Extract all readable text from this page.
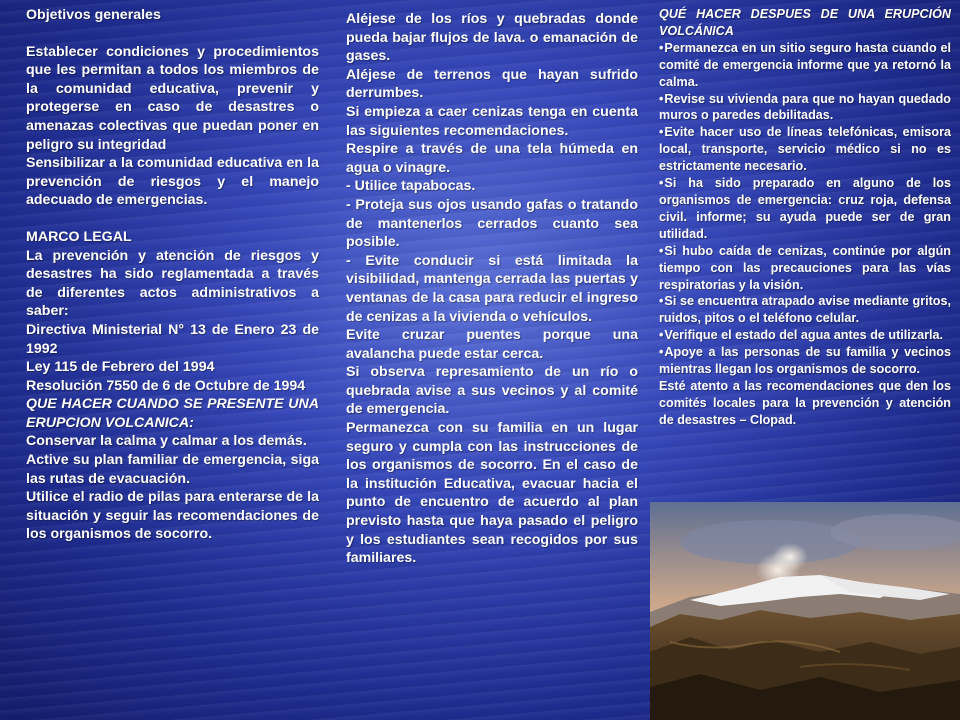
Objetivos generales

Establecer condiciones y procedimientos que les permitan a todos los miembros de la comunidad educativa, prevenir y protegerse en caso de desastres o amenazas colectivas que puedan poner en peligro su integridad

Sensibilizar a la comunidad educativa en la prevención de riesgos y el manejo adecuado de emergencias.

MARCO LEGAL

La prevención y atención de riesgos y desastres ha sido reglamentada a través de diferentes actos administrativos a saber:

Directiva Ministerial N° 13 de Enero 23 de 1992

Ley 115 de Febrero del 1994

Resolución 7550 de 6 de Octubre de 1994

QUE HACER CUANDO SE PRESENTE UNA ERUPCION VOLCANICA:

Conservar la calma y calmar a los demás.

Active su plan familiar de emergencia, siga las rutas de evacuación.

Utilice el radio de pilas para enterarse de la situación y seguir las recomendaciones de los organismos de socorro.

Aléjese de los ríos y quebradas donde pueda bajar flujos de lava. o emanación de gases.

Aléjese de terrenos que hayan sufrido derrumbes.

Si empieza a caer cenizas tenga en cuenta las siguientes recomendaciones.

Respire a través de una tela húmeda en agua o vinagre.

- Utilice tapabocas.

- Proteja sus ojos usando gafas o tratando de mantenerlos cerrados cuanto sea posible.

- Evite conducir si está limitada la visibilidad, mantenga cerrada las puertas y ventanas de la casa para reducir el ingreso de cenizas a la vivienda o vehículos.

Evite cruzar puentes porque una avalancha puede estar cerca.

Si observa represamiento de un río o quebrada avise a sus vecinos y al comité de emergencia.

Permanezca con su familia en un lugar seguro y cumpla con las instrucciones de los organismos de socorro. En el caso de la institución Educativa, evacuar hacia el punto de encuentro de acuerdo al plan previsto hasta que haya pasado el peligro y los estudiantes sean recogidos por sus familiares.

QUÉ HACER DESPUES DE UNA ERUPCIÓN VOLCÁNICA

• Permanezca en un sitio seguro hasta cuando el comité de emergencia informe que ya retornó la calma.

• Revise su vivienda para que no hayan quedado muros o paredes debilitadas.

• Evite hacer uso de líneas telefónicas, emisora local, transporte, servicio médico si no es estrictamente necesario.

• Si ha sido preparado en alguno de los organismos de emergencia: cruz roja, defensa civil. informe; su ayuda puede ser de gran utilidad.

• Si hubo caída de cenizas, continúe por algún tiempo con las precauciones para las vías respiratorias y la visión.

• Si se encuentra atrapado avise mediante gritos, ruidos, pitos o el teléfono celular.

• Verifique el estado del agua antes de utilizarla.

• Apoye a las personas de su familia y vecinos mientras llegan los organismos de socorro.

Esté atento a las recomendaciones que den los comités locales para la prevención y atención de desastres – Clopad.
